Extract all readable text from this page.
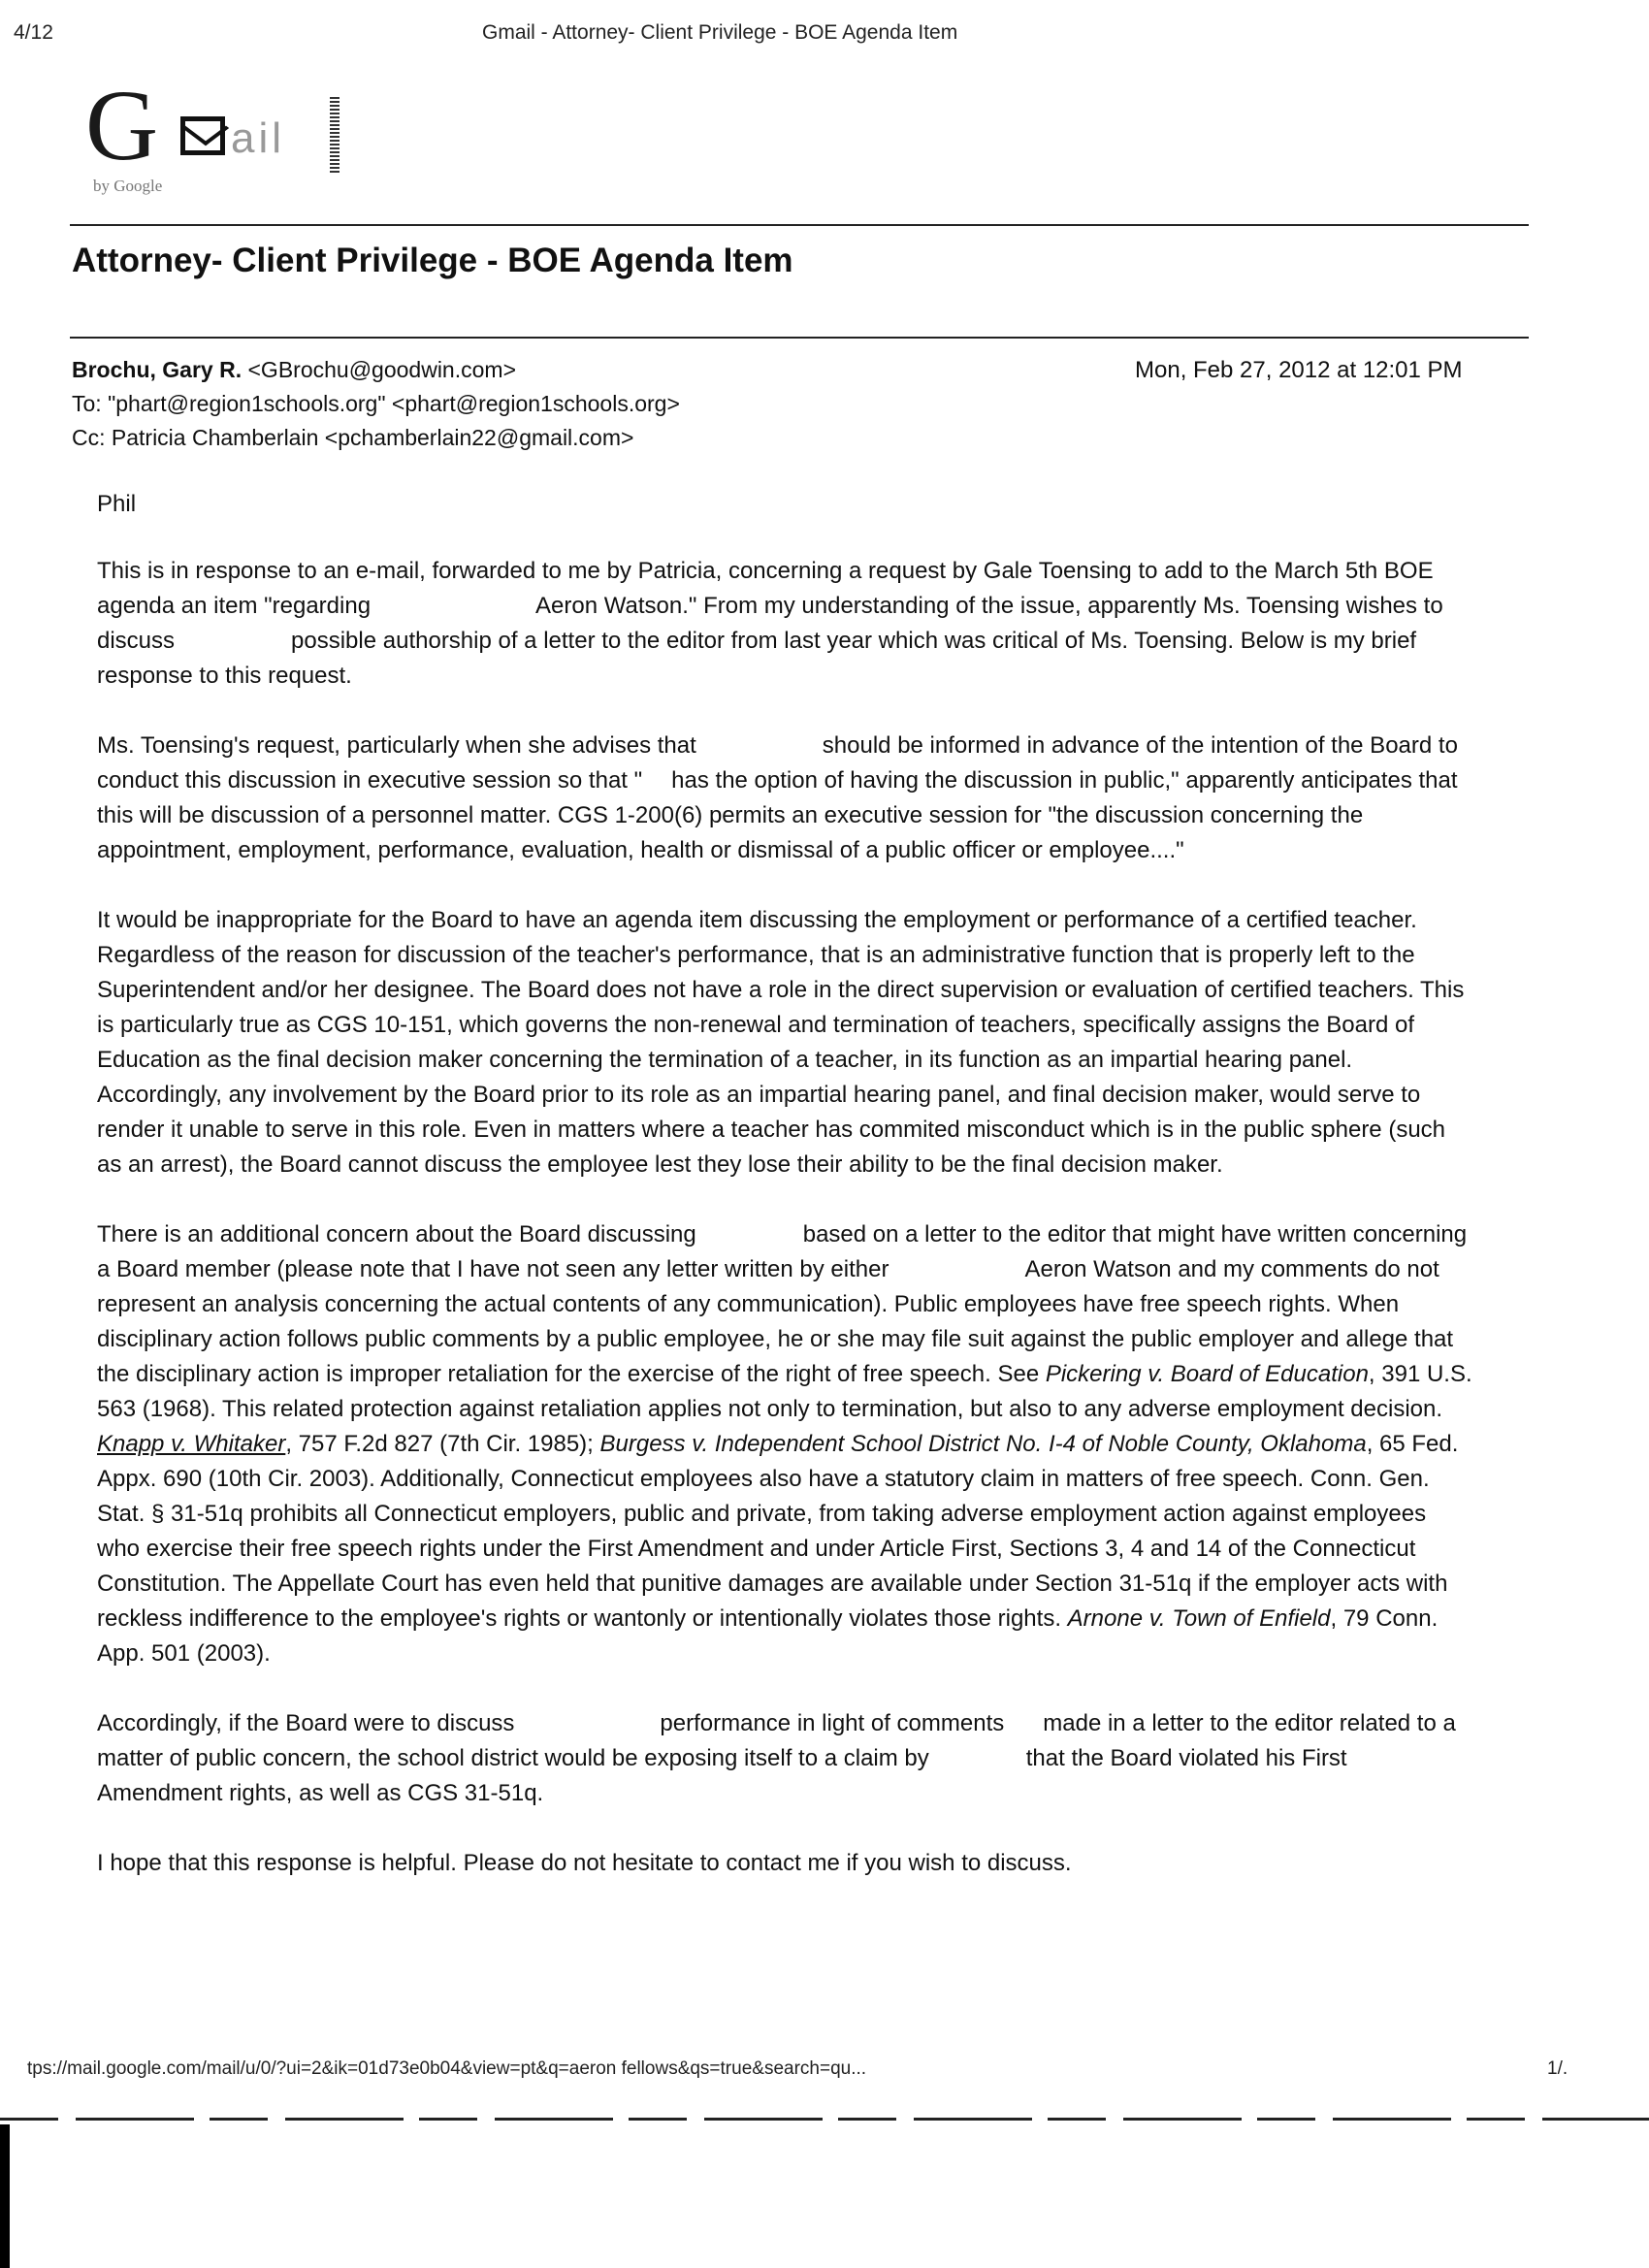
4/12	Gmail - Attorney- Client Privilege - BOE Agenda Item
G ail
by Google
Attorney- Client Privilege - BOE Agenda Item
Brochu, Gary R. <GBrochu@goodwin.com>	Mon, Feb 27, 2012 at 12:01 PM
To: "phart@region1schools.org" <phart@region1schools.org>
Cc: Patricia Chamberlain <pchamberlain22@gmail.com>
Phil

This is in response to an e-mail, forwarded to me by Patricia, concerning a request by Gale Toensing to add to the March 5th BOE agenda an item "regarding	Aeron Watson." From my understanding of the issue, apparently Ms. Toensing wishes to discuss	possible authorship of a letter to the editor from last year which was critical of Ms. Toensing. Below is my brief response to this request.

Ms. Toensing's request, particularly when she advises that	should be informed in advance of the intention of the Board to conduct this discussion in executive session so that " has the option of having the discussion in public," apparently anticipates that this will be discussion of a personnel matter. CGS 1-200(6) permits an executive session for "the discussion concerning the appointment, employment, performance, evaluation, health or dismissal of a public officer or employee...."

It would be inappropriate for the Board to have an agenda item discussing the employment or performance of a certified teacher. Regardless of the reason for discussion of the teacher's performance, that is an administrative function that is properly left to the Superintendent and/or her designee. The Board does not have a role in the direct supervision or evaluation of certified teachers. This is particularly true as CGS 10-151, which governs the non-renewal and termination of teachers, specifically assigns the Board of Education as the final decision maker concerning the termination of a teacher, in its function as an impartial hearing panel. Accordingly, any involvement by the Board prior to its role as an impartial hearing panel, and final decision maker, would serve to render it unable to serve in this role. Even in matters where a teacher has commited misconduct which is in the public sphere (such as an arrest), the Board cannot discuss the employee lest they lose their ability to be the final decision maker.

There is an additional concern about the Board discussing	based on a letter to the editor that might have written concerning a Board member (please note that I have not seen any letter written by either	Aeron Watson and my comments do not represent an analysis concerning the actual contents of any communication). Public employees have free speech rights. When disciplinary action follows public comments by a public employee, he or she may file suit against the public employer and allege that the disciplinary action is improper retaliation for the exercise of the right of free speech. See Pickering v. Board of Education, 391 U.S. 563 (1968). This related protection against retaliation applies not only to termination, but also to any adverse employment decision. Knapp v. Whitaker, 757 F.2d 827 (7th Cir. 1985); Burgess v. Independent School District No. I-4 of Noble County, Oklahoma, 65 Fed. Appx. 690 (10th Cir. 2003). Additionally, Connecticut employees also have a statutory claim in matters of free speech. Conn. Gen. Stat. § 31-51q prohibits all Connecticut employers, public and private, from taking adverse employment action against employees who exercise their free speech rights under the First Amendment and under Article First, Sections 3, 4 and 14 of the Connecticut Constitution. The Appellate Court has even held that punitive damages are available under Section 31-51q if the employer acts with reckless indifference to the employee's rights or wantonly or intentionally violates those rights. Arnone v. Town of Enfield, 79 Conn. App. 501 (2003).

Accordingly, if the Board were to discuss	performance in light of comments made in a letter to the editor related to a matter of public concern, the school district would be exposing itself to a claim by	that the Board violated his First Amendment rights, as well as CGS 31-51q.

I hope that this response is helpful. Please do not hesitate to contact me if you wish to discuss.

tps://mail.google.com/mail/u/0/?ui=2&ik=01d73e0b04&view=pt&q=aeron fellows&qs=true&search=qu...	1/.
